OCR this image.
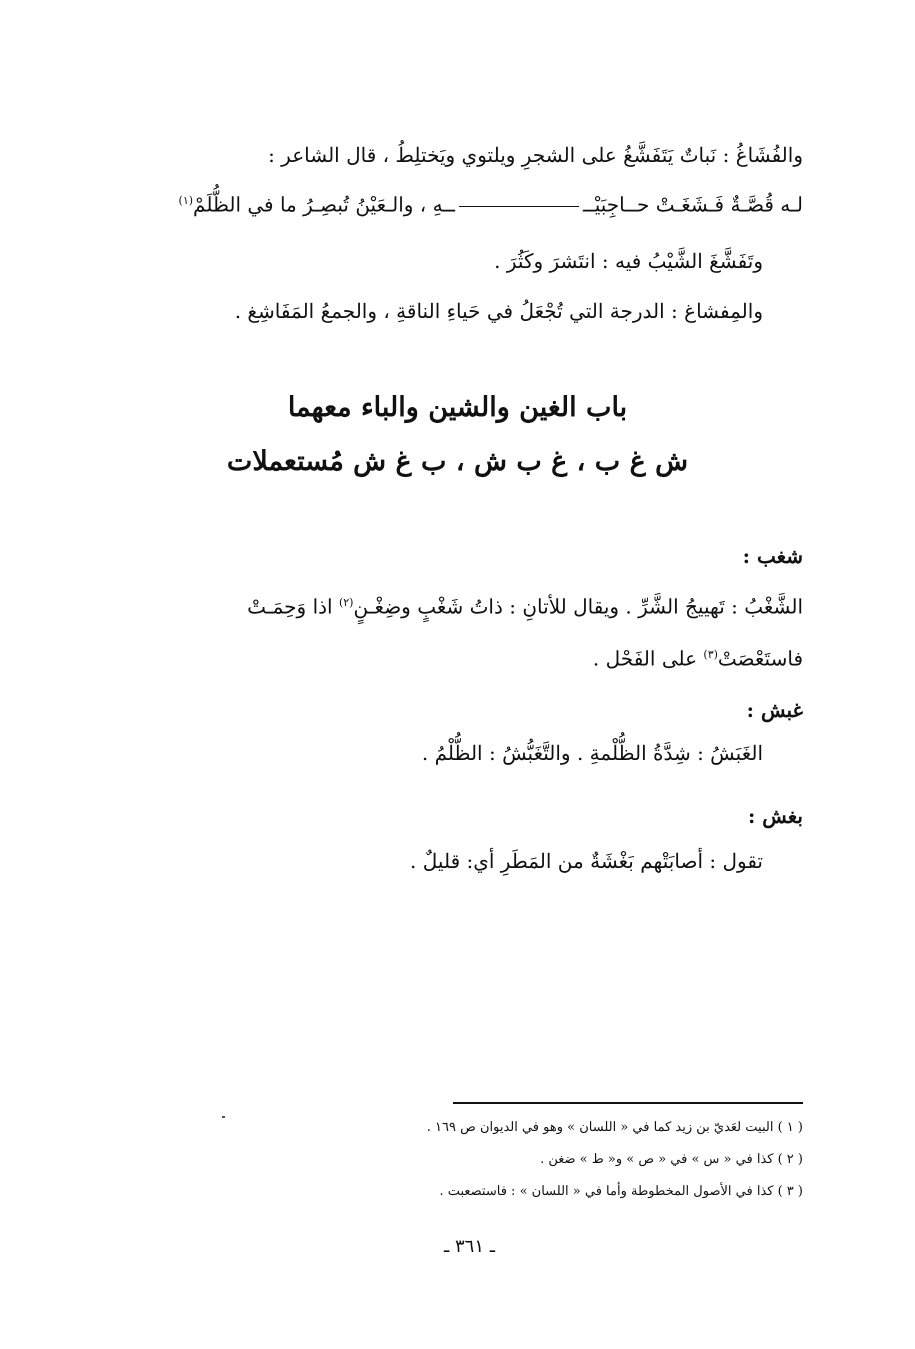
والفُشَاغُ : نَباتٌ يَتَفَشَّغُ على الشجرِ ويلتوي ويَختلِطُ ، قال الشاعر :
لـه قُصَّـةٌ فَـشَغَـتْ حــاجِبَيْــــهِ ، والـعَيْنُ تُبصِـرُ ما في الظُّلَمْ$^{(١)}$
وتَفَشَّغَ الشَّيْبُ فيه : انتَشرَ وكَثُرَ .
والمِفشاغ : الدرجة التي تُجْعَلُ في حَياءِ الناقةِ ، والجمعُ المَفَاشِغ .
باب الغين والشين والباء معهما
ش غ ب ، غ ب ش ، ب غ ش مُستعملات
شغب :
الشَّغْبُ : تَهييجُ الشَّرِّ . ويقال للأتانِ : ذاتُ شَغْبٍ وضِغْـنٍ$^{(٢)}$ اذا وَحِمَـتْ
فاستَعْصَتْ$^{(٣)}$ على الفَحْل .
غبش :
الغَبَشُ : شِدَّةُ الظُّلْمةِ . والتَّغَبُّشُ : الظُّلْمُ .
بغش :
تقول : أصابَتْهم بَغْشَةٌ من المَطَرِ أي: قليلٌ .
( ١ ) البيت لعَديّ بن زيد كما في « اللسان » وهو في الديوان ص ١٦٩ .
( ٢ ) كذا في « س » في « ص » و« ط » ضغن .
( ٣ ) كذا في الأصول المخطوطة وأما في « اللسان » : فاستصعبت .
ـ ٣٦١ ـ
